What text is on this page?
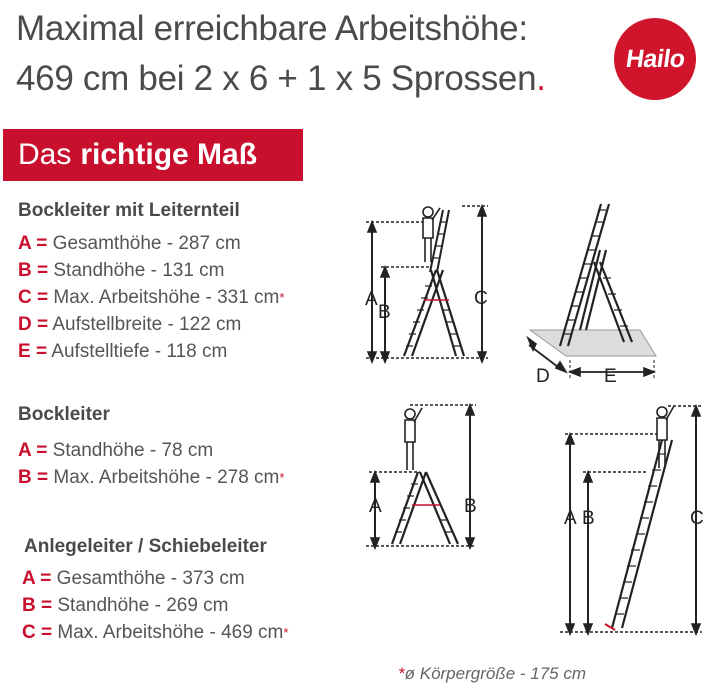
Maximal erreichbare Arbeitshöhe:
469 cm bei 2 x 6 + 1 x 5 Sprossen.
Hailo
Das richtige Maß
Bockleiter mit Leiternteil
A = Gesamthöhe - 287 cm
B = Standhöhe - 131 cm
C = Max. Arbeitshöhe - 331 cm*
D = Aufstellbreite - 122 cm
E = Aufstelltiefe - 118 cm
Bockleiter
A = Standhöhe - 78 cm
B = Max. Arbeitshöhe - 278 cm*
Anlegeleiter / Schiebeleiter
A = Gesamthöhe - 373 cm
B = Standhöhe - 269 cm
C = Max. Arbeitshöhe - 469 cm*
A
B
C
D	E
A	B
A B	C
*ø Körpergröße - 175 cm
